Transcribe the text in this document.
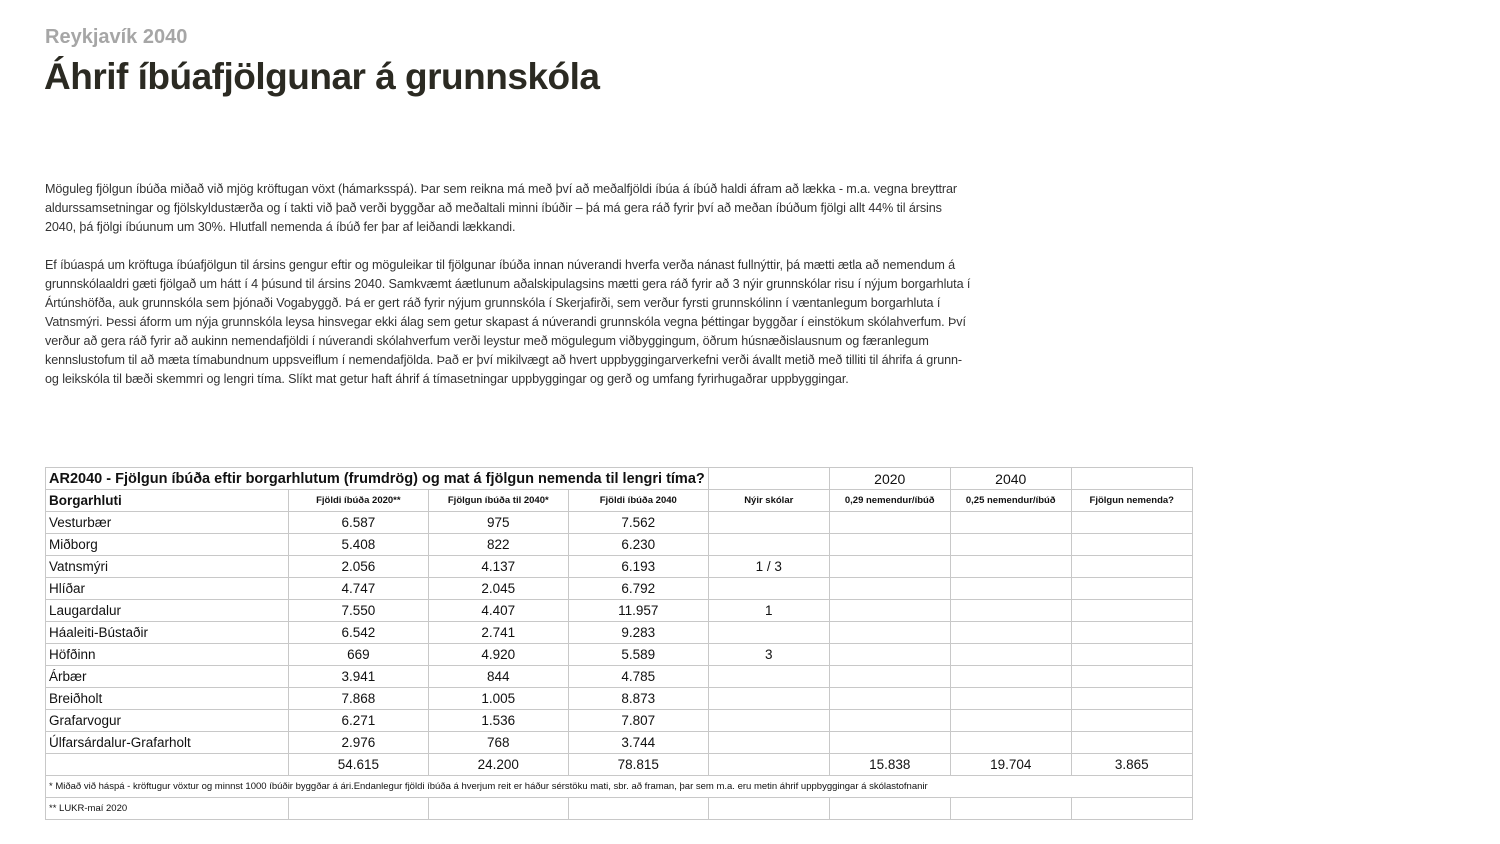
Reykjavík 2040
Áhrif íbúafjölgunar á grunnskóla
Möguleg fjölgun íbúða miðað við mjög kröftugan vöxt (hámarksspá). Þar sem reikna má með því að meðalfjöldi íbúa á íbúð haldi áfram að lækka - m.a. vegna breyttrar aldurssamsetningar og fjölskyldustærða og í takti við það verði byggðar að meðaltali minni íbúðir – þá má gera ráð fyrir því að meðan íbúðum fjölgi allt 44% til ársins 2040, þá fjölgi íbúunum um 30%. Hlutfall nemenda á íbúð fer þar af leiðandi lækkandi.
Ef íbúaspá um kröftuga íbúafjölgun til ársins gengur eftir og möguleikar til fjölgunar íbúða innan núverandi hverfa verða nánast fullnýttir, þá mætti ætla að nemendum á grunnskólaaldri gæti fjölgað um hátt í 4 þúsund til ársins 2040. Samkvæmt áætlunum aðalskipulagsins mætti gera ráð fyrir að 3 nýir grunnskólar risu í nýjum borgarhluta í Ártúnshöfða, auk grunnskóla sem þjónaði Vogabyggð. Þá er gert ráð fyrir nýjum grunnskóla í Skerjafirði, sem verður fyrsti grunnskólinn í væntanlegum borgarhluta í Vatnsmýri. Þessi áform um nýja grunnskóla leysa hinsvegar ekki álag sem getur skapast á núverandi grunnskóla vegna þéttingar byggðar í einstökum skólahverfum. Því verður að gera ráð fyrir að aukinn nemendafjöldi í núverandi skólahverfum verði leystur með mögulegum viðbyggingum, öðrum húsnæðislausnum og færanlegum kennslustofum til að mæta tímabundnum uppsveiflum í nemendafjölda. Það er því mikilvægt að hvert uppbyggingarverkefni verði ávallt metið með tilliti til áhrifa á grunn- og leikskóla til bæði skemmri og lengri tíma. Slíkt mat getur haft áhrif á tímasetningar uppbyggingar og gerð og umfang fyrirhugaðrar uppbyggingar.
AR2040 - Fjölgun íbúða eftir borgarhlutum (frumdrög) og mat á fjölgun nemenda til lengri tíma?					2020	2040	
Borgarhluti	Fjöldi íbúða 2020**	Fjölgun íbúða til 2040*	Fjöldi íbúða 2040	Nýir skólar	0,29 nemendur/íbúð	0,25 nemendur/íbúð	Fjölgun nemenda?
Vesturbær	6.587	975	7.562				
Miðborg	5.408	822	6.230				
Vatnsmýri	2.056	4.137	6.193	1 / 3			
Hlíðar	4.747	2.045	6.792				
Laugardalur	7.550	4.407	11.957	1			
Háaleiti-Bústaðir	6.542	2.741	9.283				
Höfðinn	669	4.920	5.589	3			
Árbær	3.941	844	4.785				
Breiðholt	7.868	1.005	8.873				
Grafarvogur	6.271	1.536	7.807				
Úlfarsárdalur-Grafarholt	2.976	768	3.744				
	54.615	24.200	78.815		15.838	19.704	3.865
* Miðað við háspá - kröftugur vöxtur og minnst 1000 íbúðir byggðar á ári.Endanlegur fjöldi íbúða á hverjum reit er háður sérstöku mati, sbr. að framan, þar sem m.a. eru metin áhrif uppbyggingar á skólastofnanir							
** LUKR-maí 2020							
